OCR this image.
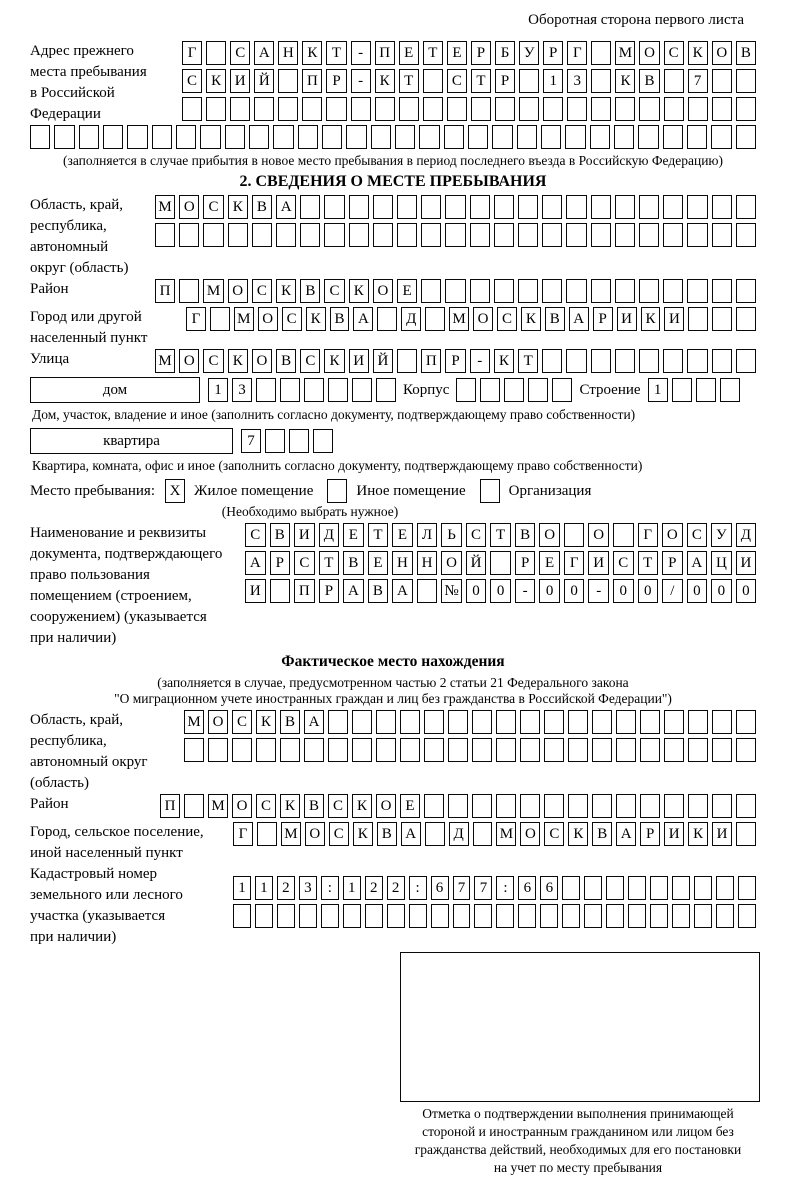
Оборотная сторона первого листа
Адрес прежнего
места пребывания
в Российской
Федерации
Г	С А Н К Т	-	П Е Т Е	Р	Б У Р	Г	М О С К О В
С К И Й	П Р	-	К Т	С Т	Р	1	3	К В	7
(заполняется в случае прибытия в новое место пребывания в период последнего въезда в Российскую Федерацию)
2. СВЕДЕНИЯ О МЕСТЕ ПРЕБЫВАНИЯ
Область, край,
республика,
автономный
М О С К В А
округ (область)
Район	П	М О С К В С К О Е
Город или другой
населенный пункт
Г	М О С К В А	Д	М О С К В А Р И К И
Улица	М О С К О В С К И Й	П Р	-	К Т
дом	1	3	Корпус	Строение 1
Дом, участок, владение и иное (заполнить согласно документу, подтверждающему право собственности)
квартира	7
Квартира, комната, офис и иное (заполнить согласно документу, подтверждающему право собственности)
Место пребывания: X Жилое помещение	Иное помещение	Организация
(Необходимо выбрать нужное)
Наименование и реквизиты
документа, подтверждающего
право пользования
помещением (строением,
сооружением) (указывается
при наличии)
С В И Д Е	Т	Е Л	Ь	С Т В О	О	Г О С У Д
А Р	С Т В Е Н Н О Й	Р	Е	Г И С Т	Р А Ц И
И	П Р А В А	№ 0	0	-	0	0	-	0	0	/	0	0	0
Фактическое место нахождения
(заполняется в случае, предусмотренном частью 2 статьи 21 Федерального закона
"О миграционном учете иностранных граждан и лиц без гражданства в Российской Федерации")
Область, край,
республика,
автономный округ
М О С К В А
(область)
Район	П	М О С К В С К О Е
Город, сельское поселение,
иной населенный пункт
Г	М О С К В А	Д	М О С К В А Р И К И
Кадастровый номер
земельного или лесного
участка (указывается
при наличии)
1 1 2 3	:	1 2 2	:	6 7 7	:	6 6
Отметка о подтверждении выполнения принимающей
стороной и иностранным гражданином или лицом без
гражданства действий, необходимых для его постановки
на учет по месту пребывания
